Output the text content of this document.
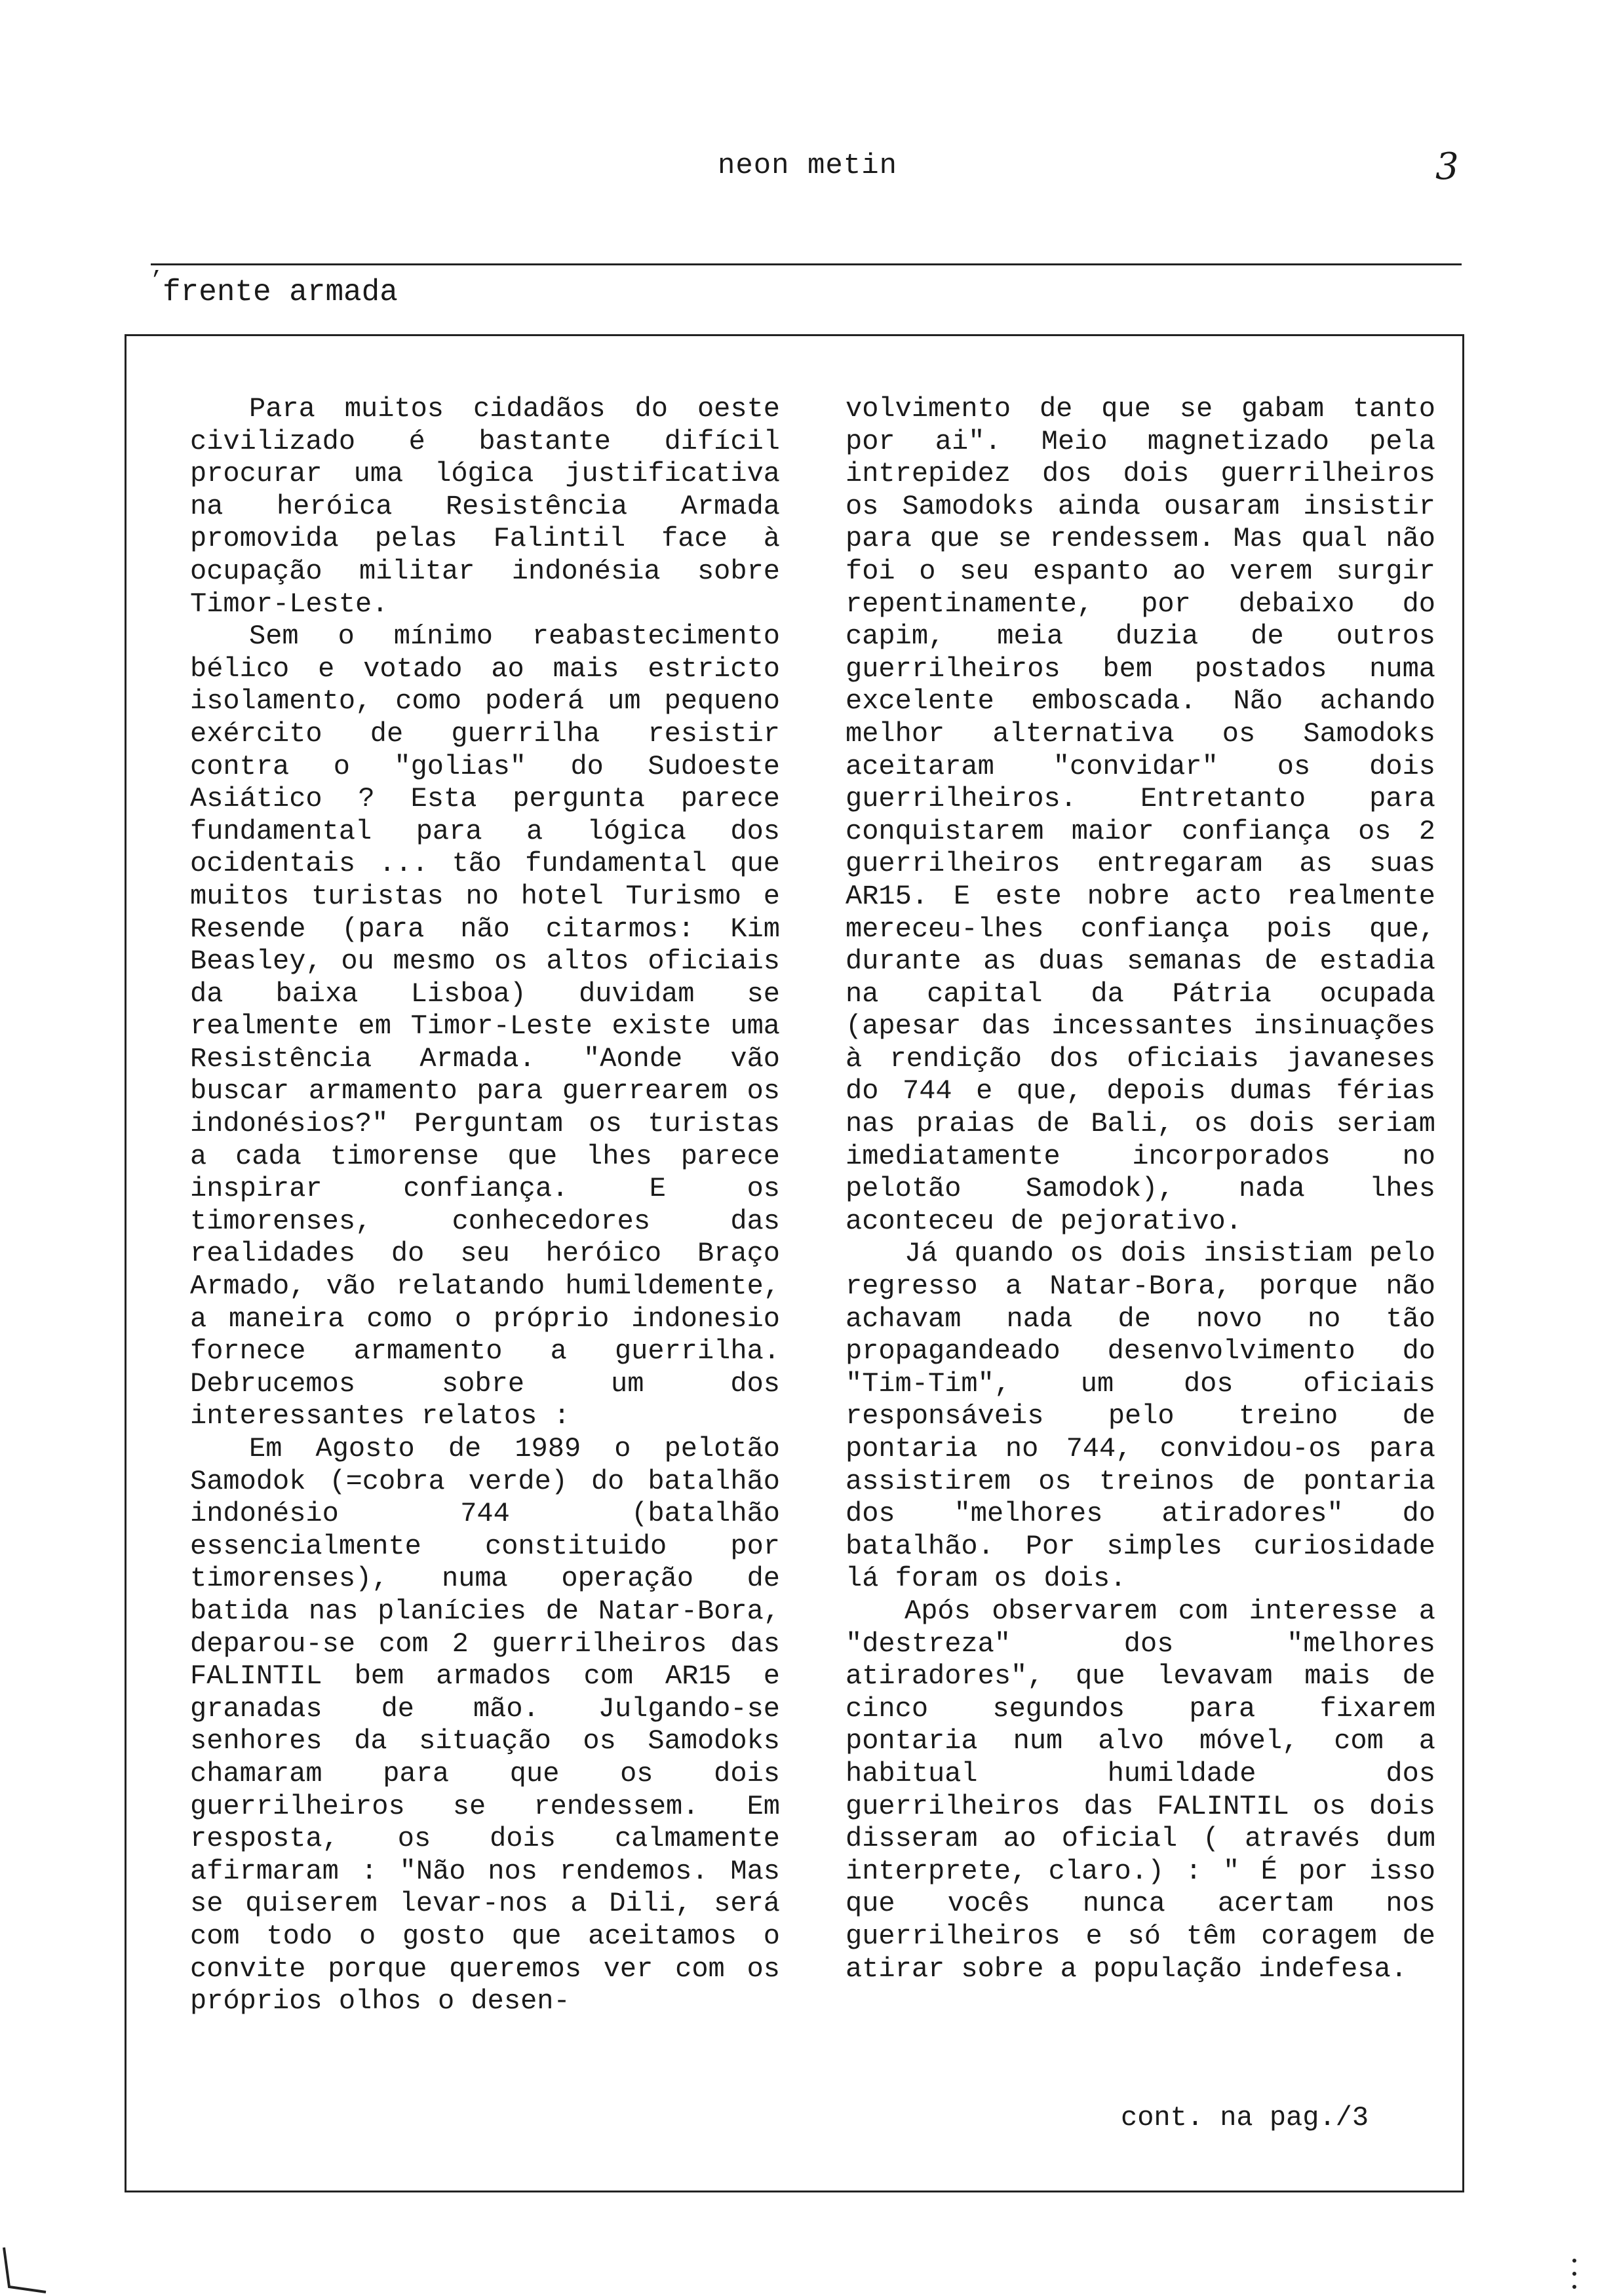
neon metin	3
’ frente armada

Para muitos cidadãos do oeste civilizado é bastante difícil procurar uma lógica justificativa na heróica Resistência Armada promovida pelas Falintil face à ocupação militar indonésia sobre Timor-Leste.

Sem o mínimo reabastecimento bélico e votado ao mais estricto isolamento, como poderá um pequeno exército de guerrilha resistir contra o "golias" do Sudoeste Asiático ? Esta pergunta parece fundamental para a lógica dos ocidentais ... tão fundamental que muitos turistas no hotel Turismo e Resende (para não citarmos: Kim Beasley, ou mesmo os altos oficiais da baixa Lisboa) duvidam se realmente em Timor-Leste existe uma Resistência Armada. "Aonde vão buscar armamento para guerrearem os indonésios?" Perguntam os turistas a cada timorense que lhes parece inspirar confiança. E os timorenses, conhecedores das realidades do seu heróico Braço Armado, vão relatando humildemente, a maneira como o próprio indonesio fornece armamento a guerrilha. Debrucemos sobre um dos interessantes relatos :

Em Agosto de 1989 o pelotão Samodok (=cobra verde) do batalhão indonésio 744 (batalhão essencialmente constituido por timorenses), numa operação de batida nas planícies de Natar-Bora, deparou-se com 2 guerrilheiros das FALINTIL bem armados com AR15 e granadas de mão. Julgando-se senhores da situação os Samodoks chamaram para que os dois guerrilheiros se rendessem. Em resposta, os dois calmamente afirmaram : "Não nos rendemos. Mas se quiserem levar-nos a Dili, será com todo o gosto que aceitamos o convite porque queremos ver com os próprios olhos o desen-

volvimento de que se gabam tanto por ai". Meio magnetizado pela intrepidez dos dois guerrilheiros os Samodoks ainda ousaram insistir para que se rendessem. Mas qual não foi o seu espanto ao verem surgir repentinamente, por debaixo do capim, meia duzia de outros guerrilheiros bem postados numa excelente emboscada. Não achando melhor alternativa os Samodoks aceitaram "convidar" os dois guerrilheiros. Entretanto para conquistarem maior confiança os 2 guerrilheiros entregaram as suas AR15. E este nobre acto realmente mereceu-lhes confiança pois que, durante as duas semanas de estadia na capital da Pátria ocupada (apesar das incessantes insinuações à rendição dos oficiais javaneses do 744 e que, depois dumas férias nas praias de Bali, os dois seriam imediatamente incorporados no pelotão Samodok), nada lhes aconteceu de pejorativo.

Já quando os dois insistiam pelo regresso a Natar-Bora, porque não achavam nada de novo no tão propagandeado desenvolvimento do "Tim-Tim", um dos oficiais responsáveis pelo treino de pontaria no 744, convidou-os para assistirem os treinos de pontaria dos "melhores atiradores" do batalhão. Por simples curiosidade lá foram os dois.

Após observarem com interesse a "destreza" dos "melhores atiradores", que levavam mais de cinco segundos para fixarem pontaria num alvo móvel, com a habitual humildade dos guerrilheiros das FALINTIL os dois disseram ao oficial ( através dum interprete, claro.) : " É por isso que vocês nunca acertam nos guerrilheiros e só têm coragem de atirar sobre a população indefesa.

cont. na pag./3
